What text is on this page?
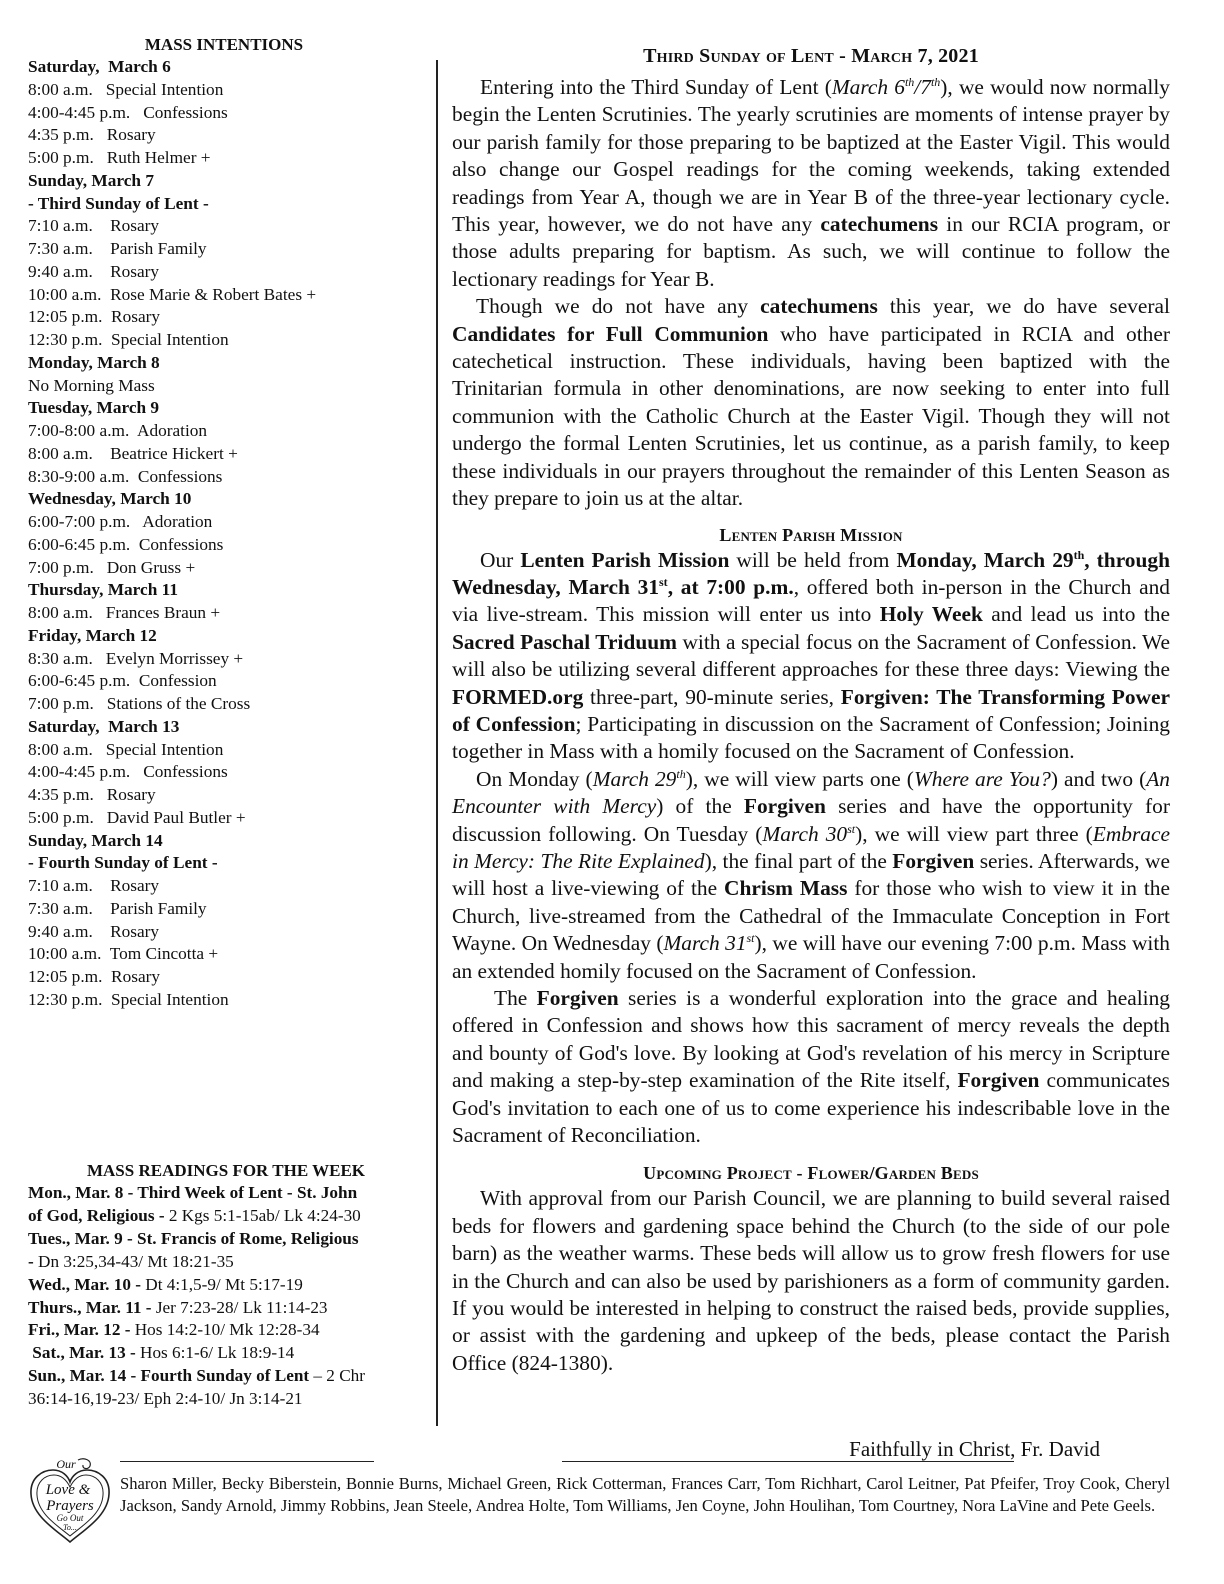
MASS INTENTIONS
Saturday,  March 6
8:00 a.m.   Special Intention
4:00-4:45 p.m.   Confessions
4:35 p.m.   Rosary
5:00 p.m.   Ruth Helmer +
Sunday, March 7
- Third Sunday of Lent -
7:10 a.m.    Rosary
7:30 a.m.    Parish Family
9:40 a.m.    Rosary
10:00 a.m.  Rose Marie & Robert Bates +
12:05 p.m.  Rosary
12:30 p.m.  Special Intention
Monday, March 8
No Morning Mass
Tuesday, March 9
7:00-8:00 a.m.  Adoration
8:00 a.m.    Beatrice Hickert +
8:30-9:00 a.m.  Confessions
Wednesday, March 10
6:00-7:00 p.m.   Adoration
6:00-6:45 p.m.  Confessions
7:00 p.m.   Don Gruss +
Thursday, March 11
8:00 a.m.   Frances Braun +
Friday, March 12
8:30 a.m.   Evelyn Morrissey +
6:00-6:45 p.m.  Confession
7:00 p.m.   Stations of the Cross
Saturday,  March 13
8:00 a.m.   Special Intention
4:00-4:45 p.m.   Confessions
4:35 p.m.   Rosary
5:00 p.m.   David Paul Butler +
Sunday, March 14
- Fourth Sunday of Lent -
7:10 a.m.    Rosary
7:30 a.m.    Parish Family
9:40 a.m.    Rosary
10:00 a.m.  Tom Cincotta +
12:05 p.m.  Rosary
12:30 p.m.  Special Intention
MASS READINGS FOR THE WEEK
Mon., Mar. 8 - Third Week of Lent - St. John
of God, Religious - 2 Kgs 5:1-15ab/ Lk 4:24-30
Tues., Mar. 9 - St. Francis of Rome, Religious
- Dn 3:25,34-43/ Mt 18:21-35
Wed., Mar. 10 - Dt 4:1,5-9/ Mt 5:17-19
Thurs., Mar. 11 - Jer 7:23-28/ Lk 11:14-23
Fri., Mar. 12 - Hos 14:2-10/ Mk 12:28-34
Sat., Mar. 13 - Hos 6:1-6/ Lk 18:9-14
Sun., Mar. 14 - Fourth Sunday of Lent – 2 Chr
36:14-16,19-23/ Eph 2:4-10/ Jn 3:14-21
Third Sunday of Lent - March 7, 2021

Entering into the Third Sunday of Lent (March 6th/7th), we would now normally begin the Lenten Scrutinies. The yearly scrutinies are moments of intense prayer by our parish family for those preparing to be baptized at the Easter Vigil. This would also change our Gospel readings for the coming weekends, taking extended readings from Year A, though we are in Year B of the three-year lectionary cycle. This year, however, we do not have any catechumens in our RCIA program, or those adults preparing for baptism. As such, we will continue to follow the lectionary readings for Year B.

Though we do not have any catechumens this year, we do have several Candidates for Full Communion who have participated in RCIA and other catechetical instruction. These individuals, having been baptized with the Trinitarian formula in other denominations, are now seeking to enter into full communion with the Catholic Church at the Easter Vigil. Though they will not undergo the formal Lenten Scrutinies, let us continue, as a parish family, to keep these individuals in our prayers throughout the remainder of this Lenten Season as they prepare to join us at the altar.

Lenten Parish Mission

Our Lenten Parish Mission will be held from Monday, March 29th, through Wednesday, March 31st, at 7:00 p.m., offered both in-person in the Church and via live-stream. This mission will enter us into Holy Week and lead us into the Sacred Paschal Triduum with a special focus on the Sacrament of Confession. We will also be utilizing several different approaches for these three days: Viewing the FORMED.org three-part, 90-minute series, Forgiven: The Transforming Power of Confession; Participating in discussion on the Sacrament of Confession; Joining together in Mass with a homily focused on the Sacrament of Confession.

On Monday (March 29th), we will view parts one (Where are You?) and two (An Encounter with Mercy) of the Forgiven series and have the opportunity for discussion following. On Tuesday (March 30st), we will view part three (Embrace in Mercy: The Rite Explained), the final part of the Forgiven series. Afterwards, we will host a live-viewing of the Chrism Mass for those who wish to view it in the Church, live-streamed from the Cathedral of the Immaculate Conception in Fort Wayne. On Wednesday (March 31st), we will have our evening 7:00 p.m. Mass with an extended homily focused on the Sacrament of Confession.

The Forgiven series is a wonderful exploration into the grace and healing offered in Confession and shows how this sacrament of mercy reveals the depth and bounty of God's love. By looking at God's revelation of his mercy in Scripture and making a step-by-step examination of the Rite itself, Forgiven communicates God's invitation to each one of us to come experience his indescribable love in the Sacrament of Reconciliation.

Upcoming Project - Flower/Garden Beds

With approval from our Parish Council, we are planning to build several raised beds for flowers and gardening space behind the Church (to the side of our pole barn) as the weather warms. These beds will allow us to grow fresh flowers for use in the Church and can also be used by parishioners as a form of community garden. If you would be interested in helping to construct the raised beds, provide supplies, or assist with the gardening and upkeep of the beds, please contact the Parish Office (824-1380).

Faithfully in Christ, Fr. David
Our
Love &
Prayers
Go Out
To...
Sharon Miller, Becky Biberstein, Bonnie Burns, Michael Green, Rick Cotterman, Frances Carr, Tom Richhart, Carol Leitner, Pat Pfeifer, Troy Cook, Cheryl Jackson, Sandy Arnold, Jimmy Robbins, Jean Steele, Andrea Holte, Tom Williams, Jen Coyne, John Houlihan, Tom Courtney, Nora LaVine and Pete Geels.
